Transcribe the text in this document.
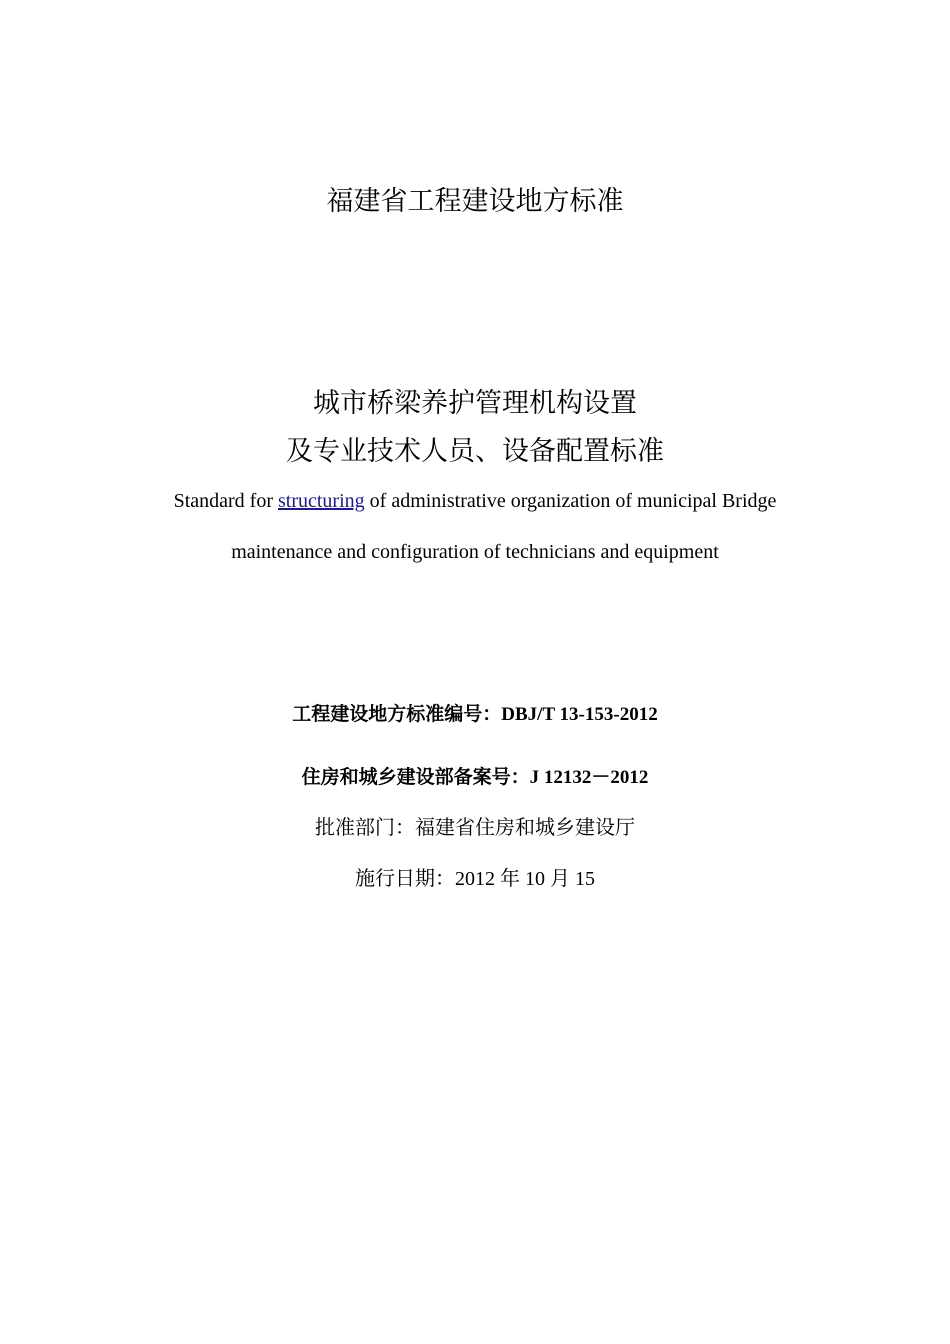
福建省工程建设地方标准
城市桥梁养护管理机构设置
及专业技术人员、设备配置标准
Standard for structuring of administrative organization of municipal Bridge
maintenance and configuration of technicians and equipment
工程建设地方标准编号：DBJ/T 13-153-2012
住房和城乡建设部备案号：J 12132－2012
批准部门：福建省住房和城乡建设厅
施行日期：2012 年 10 月 15
